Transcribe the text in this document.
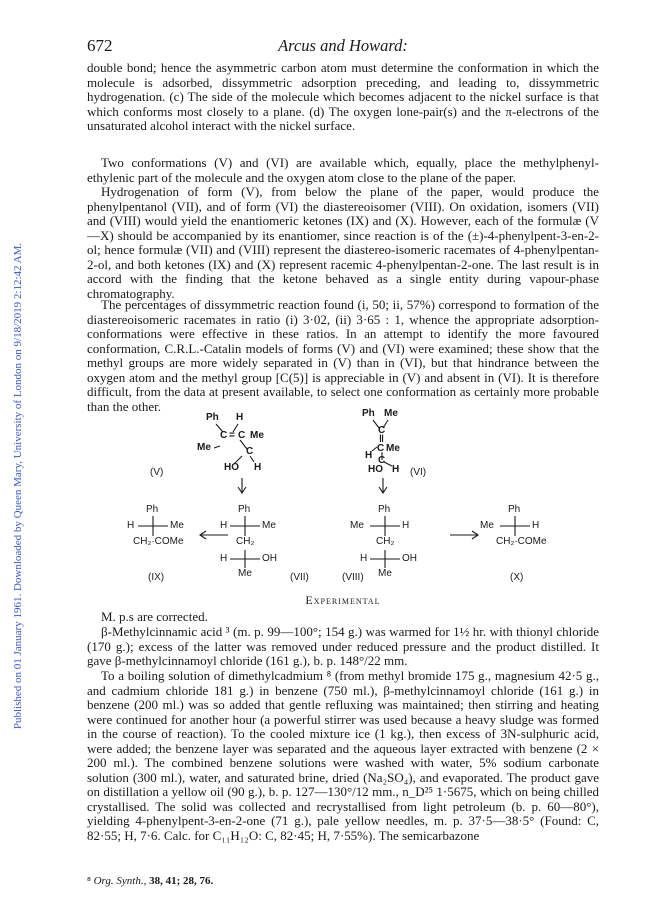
Published on 01 January 1961. Downloaded by Queen Mary, University of London on 9/18/2019 2:12:42 AM.
672	Arcus and Howard:

double bond; hence the asymmetric carbon atom must determine the conformation in which the molecule is adsorbed, dissymmetric adsorption preceding, and leading to, dissymmetric hydrogenation. (c) The side of the molecule which becomes adjacent to the nickel surface is that which conforms most closely to a plane. (d) The oxygen lone-pair(s) and the π-electrons of the unsaturated alcohol interact with the nickel surface.

Two conformations (V) and (VI) are available which, equally, place the methylphenyl-ethylenic part of the molecule and the oxygen atom close to the plane of the paper.

Hydrogenation of form (V), from below the plane of the paper, would produce the phenylpentanol (VII), and of form (VI) the diastereoisomer (VIII). On oxidation, isomers (VII) and (VIII) would yield the enantiomeric ketones (IX) and (X). However, each of the formulæ (V—X) should be accompanied by its enantiomer, since reaction is of the (±)-4-phenylpent-3-en-2-ol; hence formulæ (VII) and (VIII) represent the diastereo-isomeric racemates of 4-phenylpentan-2-ol, and both ketones (IX) and (X) represent racemic 4-phenylpentan-2-one. The last result is in accord with the finding that the ketone behaved as a single entity during vapour-phase chromatography.

The percentages of dissymmetric reaction found (i, 50; ii, 57%) correspond to formation of the diastereoisomeric racemates in ratio (i) 3·02, (ii) 3·65 : 1, whence the appropriate adsorption-conformations were effective in these ratios. In an attempt to identify the more favoured conformation, C.R.L.-Catalin models of forms (V) and (VI) were examined; these show that the methyl groups are more widely separated in (V) than in (VI), but that hindrance between the oxygen atom and the methyl group [C(5)] is appreciable in (V) and absent in (VI). It is therefore difficult, from the data at present available, to select one conformation as certainly more probable than the other.

Ph H
C = C Me
Me	C
(V)	HO H
Ph Me
C
‖
C Me
H C
HO H (VI)
Ph
H	Me
CH₂·COMe
(IX)
Ph
H	Me
CH₂
H	OH
Me	(VII)	(VIII)
Ph
Me	H
CH₂
H	OH
Me
Ph
Me	H
CH₂·COMe
(X)
Experimental

M. p.s are corrected.

β-Methylcinnamic acid ³ (m. p. 99—100°; 154 g.) was warmed for 1½ hr. with thionyl chloride (170 g.); excess of the latter was removed under reduced pressure and the product distilled. It gave β-methylcinnamoyl chloride (161 g.), b. p. 148°/22 mm.

To a boiling solution of dimethylcadmium ⁸ (from methyl bromide 175 g., magnesium 42·5 g., and cadmium chloride 181 g.) in benzene (750 ml.), β-methylcinnamoyl chloride (161 g.) in benzene (200 ml.) was so added that gentle refluxing was maintained; then stirring and heating were continued for another hour (a powerful stirrer was used because a heavy sludge was formed in the course of reaction). To the cooled mixture ice (1 kg.), then excess of 3N-sulphuric acid, were added; the benzene layer was separated and the aqueous layer extracted with benzene (2 × 200 ml.). The combined benzene solutions were washed with water, 5% sodium carbonate solution (300 ml.), water, and saturated brine, dried (Na₂SO₄), and evaporated. The product gave on distillation a yellow oil (90 g.), b. p. 127—130°/12 mm., n_D²⁵ 1·5675, which on being chilled crystallised. The solid was collected and recrystallised from light petroleum (b. p. 60—80°), yielding 4-phenylpent-3-en-2-one (71 g.), pale yellow needles, m. p. 37·5—38·5° (Found: C, 82·55; H, 7·6. Calc. for C₁₁H₁₂O: C, 82·45; H, 7·55%). The semicarbazone

⁸ Org. Synth., 38, 41; 28, 76.
